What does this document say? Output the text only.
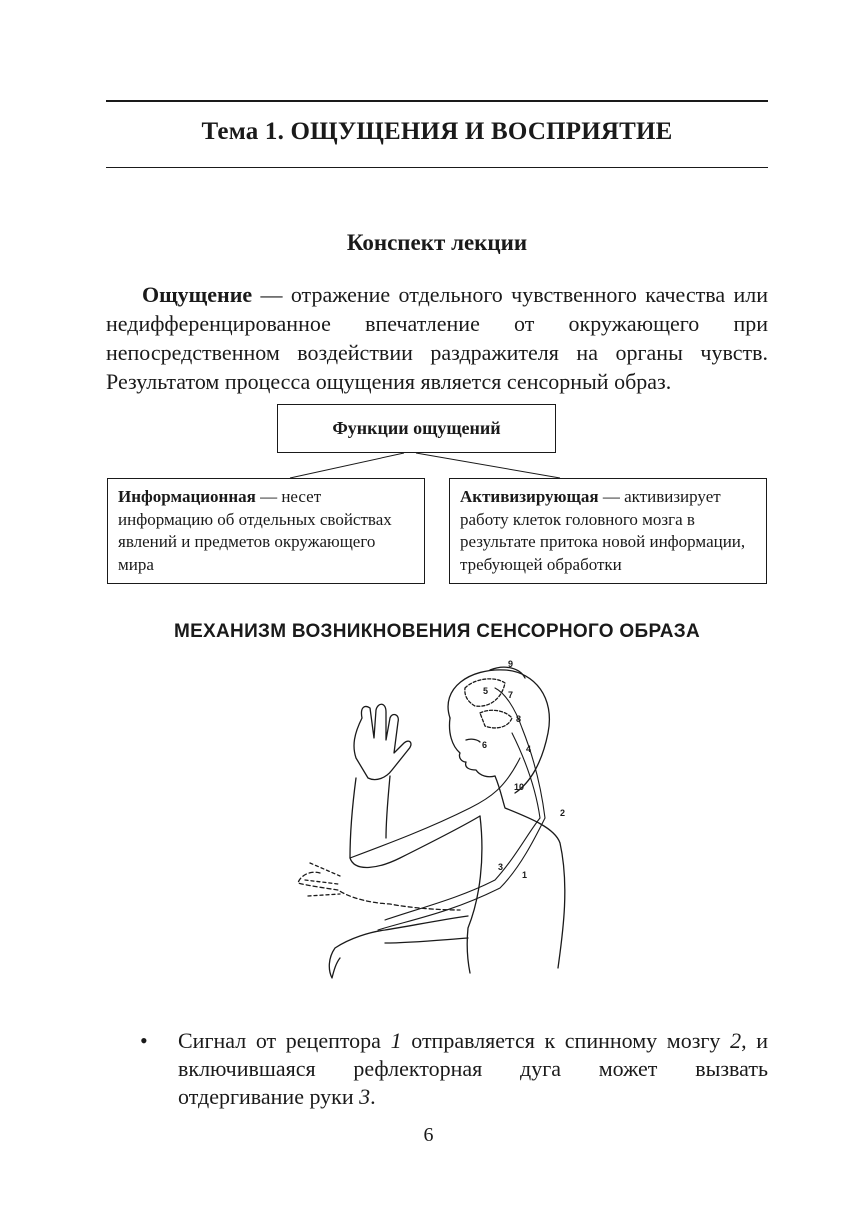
Тема 1. ОЩУЩЕНИЯ И ВОСПРИЯТИЕ
Конспект лекции
Ощущение — отражение отдельного чувственного качества или недифференцированное впечатление от окружающего при непосредственном воздействии раздражителя на органы чувств. Результатом процесса ощущения является сенсорный образ.
Функции ощущений
Информационная — несет информацию об отдельных свойствах явлений и предметов окружающего мира
Активизирующая — активизирует работу клеток головного мозга в результате притока новой информации, требующей обработки
МЕХАНИЗМ ВОЗНИКНОВЕНИЯ СЕНСОРНОГО ОБРАЗА
9
5 7
8
6	4
10
2
3
1
• Сигнал от рецептора 1 отправляется к спинному мозгу 2, и включившаяся рефлекторная дуга может вызвать отдергивание руки 3.
6
